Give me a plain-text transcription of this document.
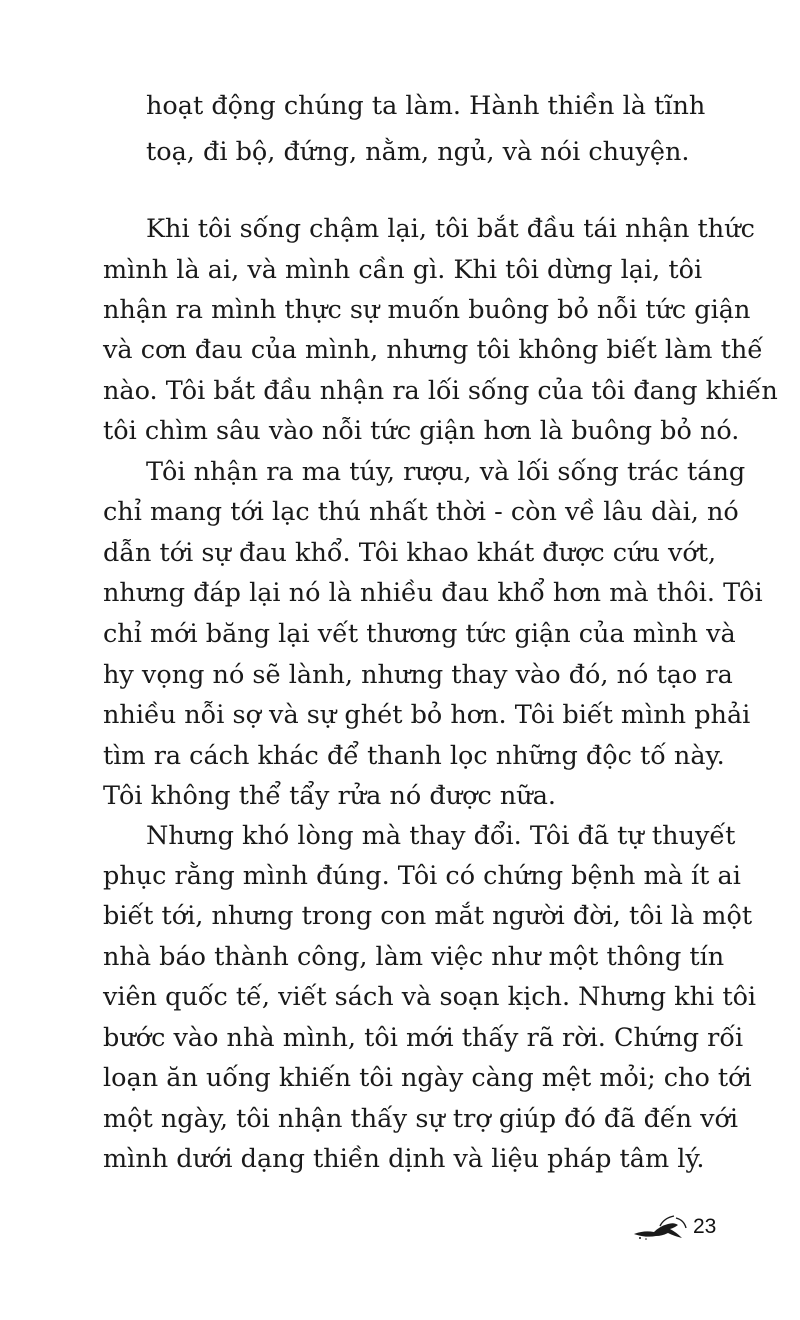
hoạt động chúng ta làm. Hành thiền là tĩnh
toạ, đi bộ, đứng, nằm, ngủ, và nói chuyện.
Khi tôi sống chậm lại, tôi bắt đầu tái nhận thức
mình là ai, và mình cần gì. Khi tôi dừng lại, tôi
nhận ra mình thực sự muốn buông bỏ nỗi tức giận
và cơn đau của mình, nhưng tôi không biết làm thế
nào. Tôi bắt đầu nhận ra lối sống của tôi đang khiến
tôi chìm sâu vào nỗi tức giận hơn là buông bỏ nó.
Tôi nhận ra ma túy, rượu, và lối sống trác táng
chỉ mang tới lạc thú nhất thời - còn về lâu dài, nó
dẫn tới sự đau khổ. Tôi khao khát được cứu vớt,
nhưng đáp lại nó là nhiều đau khổ hơn mà thôi. Tôi
chỉ mới băng lại vết thương tức giận của mình và
hy vọng nó sẽ lành, nhưng thay vào đó, nó tạo ra
nhiều nỗi sợ và sự ghét bỏ hơn. Tôi biết mình phải
tìm ra cách khác để thanh lọc những độc tố này.
Tôi không thể tẩy rửa nó được nữa.
Nhưng khó lòng mà thay đổi. Tôi đã tự thuyết
phục rằng mình đúng. Tôi có chứng bệnh mà ít ai
biết tới, nhưng trong con mắt người đời, tôi là một
nhà báo thành công, làm việc như một thông tín
viên quốc tế, viết sách và soạn kịch. Nhưng khi tôi
bước vào nhà mình, tôi mới thấy rã rời. Chứng rối
loạn ăn uống khiến tôi ngày càng mệt mỏi; cho tới
một ngày, tôi nhận thấy sự trợ giúp đó đã đến với
mình dưới dạng thiền dịnh và liệu pháp tâm lý.
23
